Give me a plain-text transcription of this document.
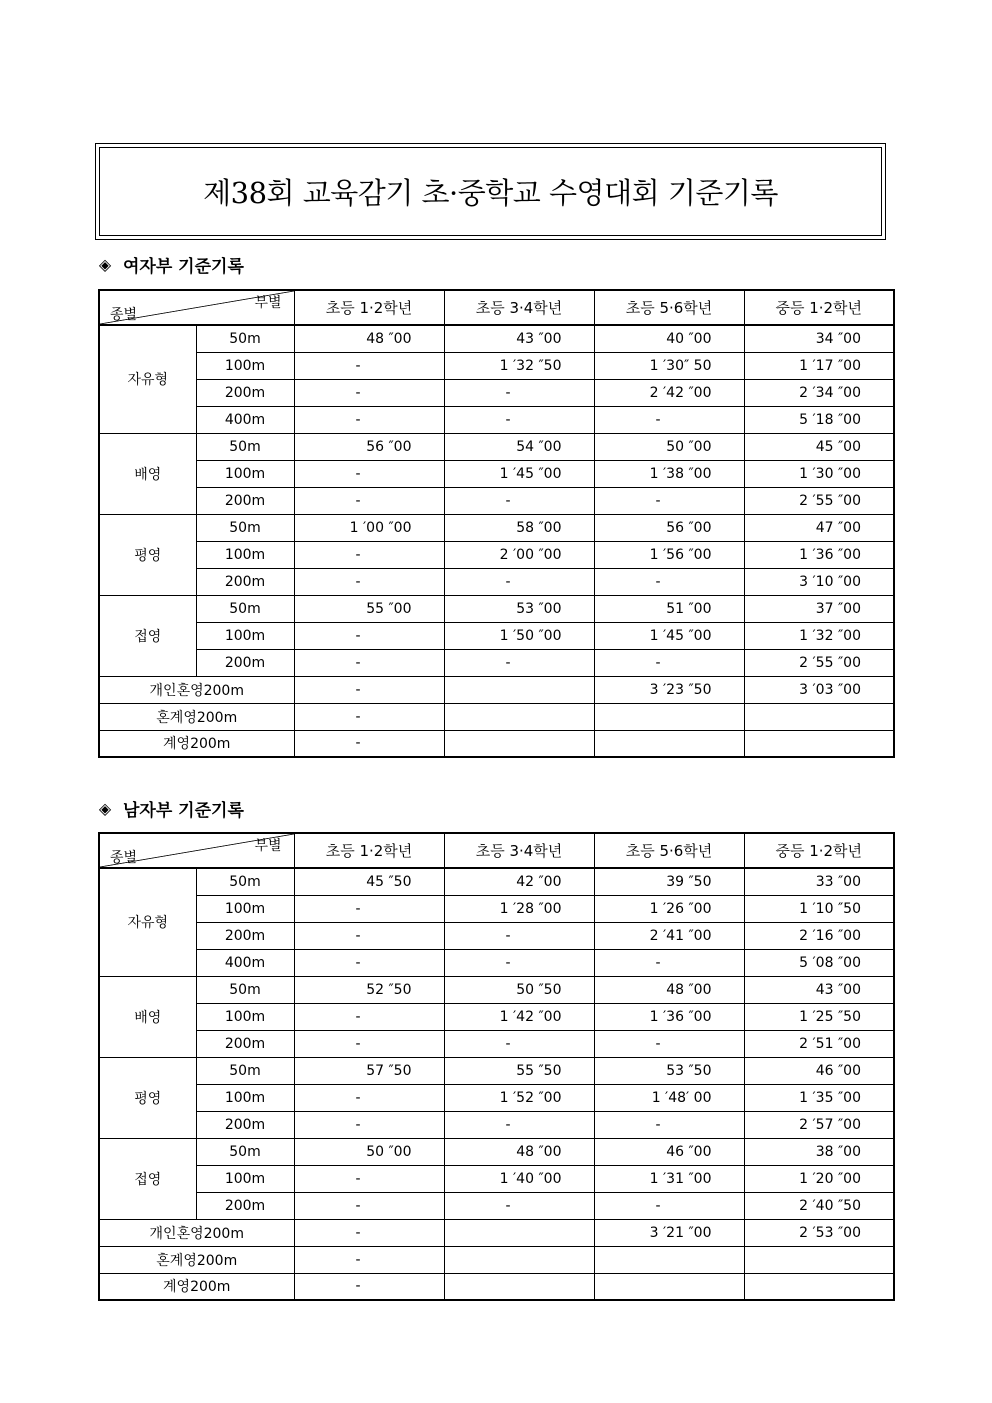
제38회 교육감기 초·중학교 수영대회 기준기록
◈ 여자부 기준기록
부별
종별		초등 1·2학년	초등 3·4학년	초등 5·6학년	중등 1·2학년
자유형	50m	48 ″00	43 ″00	40 ″00	34 ″00
	100m	-	1 ′32 ″50	1 ′30″ 50	1 ′17 ″00
	200m	-	-	2 ′42 ″00	2 ′34 ″00
	400m	-	-	-	5 ′18 ″00
배영	50m	56 ″00	54 ″00	50 ″00	45 ″00
	100m	-	1 ′45 ″00	1 ′38 ″00	1 ′30 ″00
	200m	-	-	-	2 ′55 ″00
평영	50m	1 ′00 ″00	58 ″00	56 ″00	47 ″00
	100m	-	2 ′00 ″00	1 ′56 ″00	1 ′36 ″00
	200m	-	-	-	3 ′10 ″00
접영	50m	55 ″00	53 ″00	51 ″00	37 ″00
	100m	-	1 ′50 ″00	1 ′45 ″00	1 ′32 ″00
	200m	-	-	-	2 ′55 ″00
개인혼영200m		-		3 ′23 ″50	3 ′03 ″00
혼계영200m		-			
계영200m		-			
◈ 남자부 기준기록
부별
종별		초등 1·2학년	초등 3·4학년	초등 5·6학년	중등 1·2학년
자유형	50m	45 ″50	42 ″00	39 ″50	33 ″00
	100m	-	1 ′28 ″00	1 ′26 ″00	1 ′10 ″50
	200m	-	-	2 ′41 ″00	2 ′16 ″00
	400m	-	-	-	5 ′08 ″00
배영	50m	52 ″50	50 ″50	48 ″00	43 ″00
	100m	-	1 ′42 ″00	1 ′36 ″00	1 ′25 ″50
	200m	-	-	-	2 ′51 ″00
평영	50m	57 ″50	55 ″50	53 ″50	46 ″00
	100m	-	1 ′52 ″00	1 ′48′ 00	1 ′35 ″00
	200m	-	-	-	2 ′57 ″00
접영	50m	50 ″00	48 ″00	46 ″00	38 ″00
	100m	-	1 ′40 ″00	1 ′31 ″00	1 ′20 ″00
	200m	-	-	-	2 ′40 ″50
개인혼영200m		-		3 ′21 ″00	2 ′53 ″00
혼계영200m		-			
계영200m		-			
